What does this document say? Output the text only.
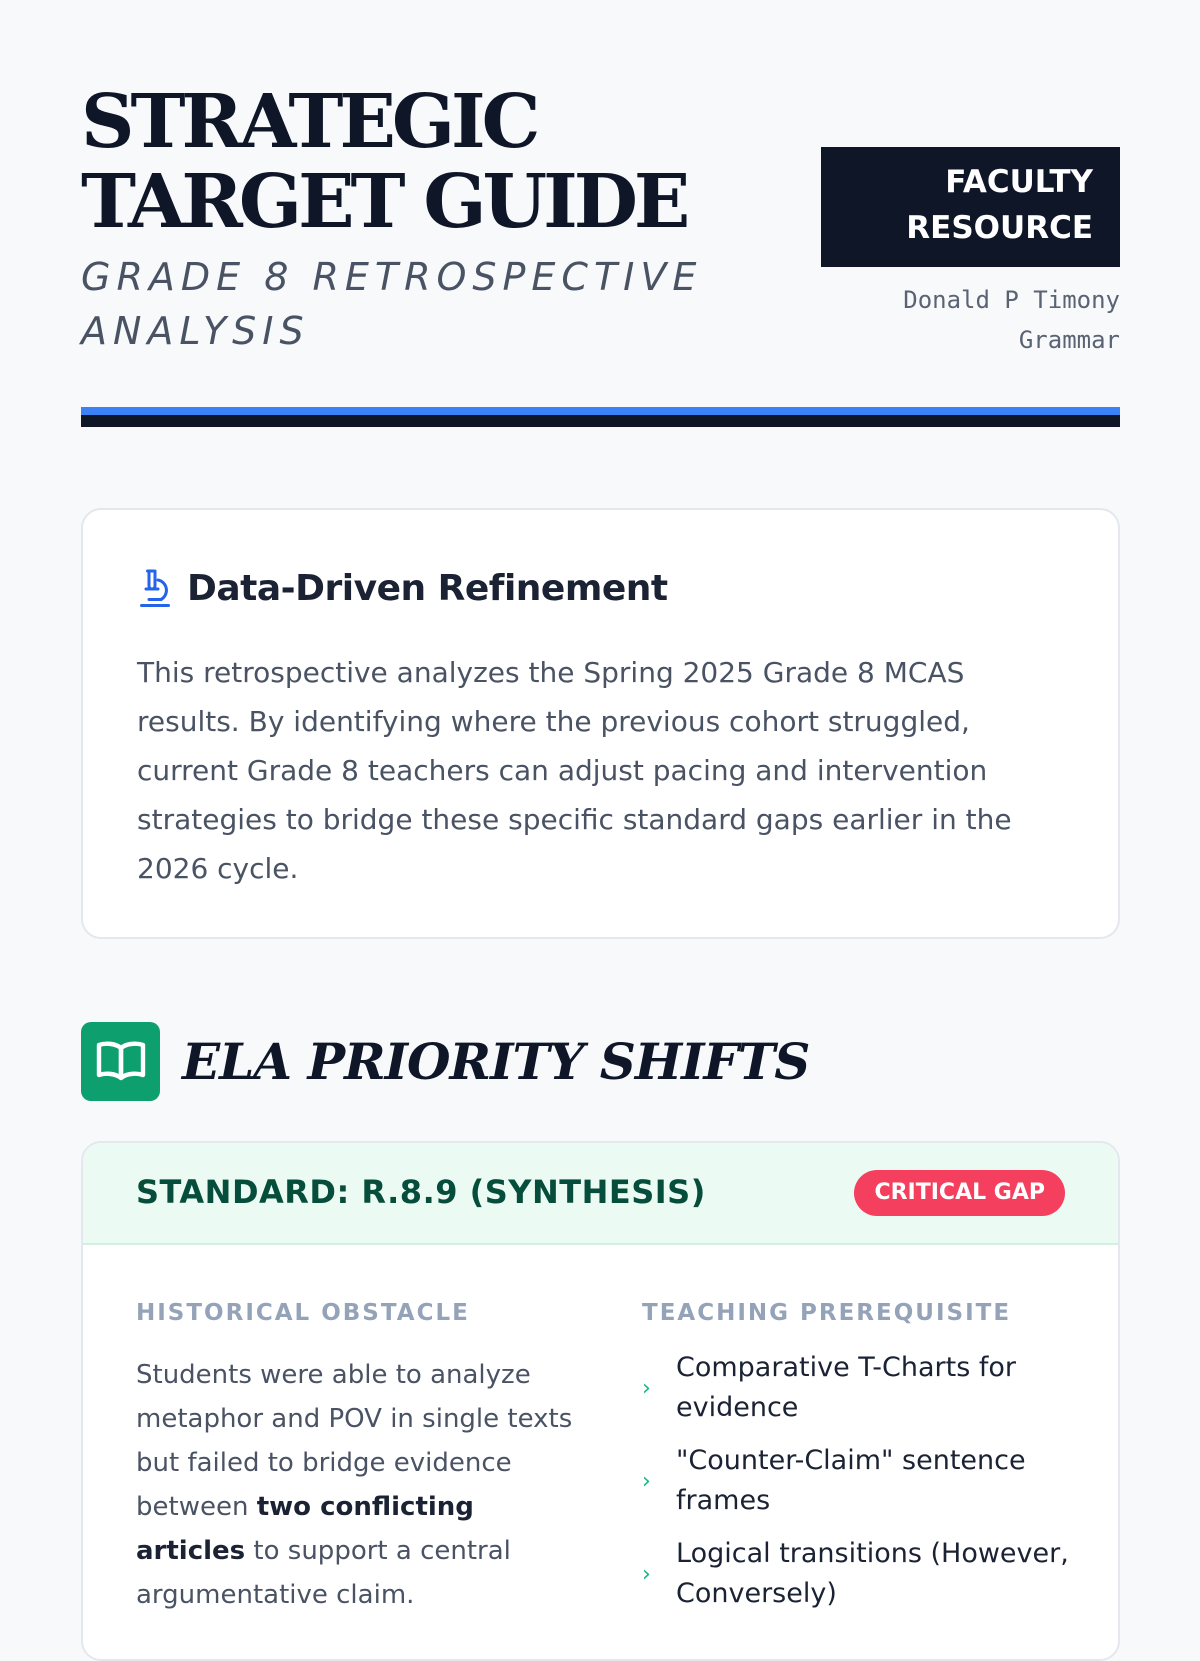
STRATEGIC TARGET GUIDE
GRADE 8 RETROSPECTIVE ANALYSIS
FACULTY
RESOURCE
Donald P Timony
Grammar
Data-Driven Refinement

This retrospective analyzes the Spring 2025 Grade 8 MCAS results. By identifying where the previous cohort struggled, current Grade 8 teachers can adjust pacing and intervention strategies to bridge these specific standard gaps earlier in the 2026 cycle.

ELA PRIORITY SHIFTS
STANDARD: R.8.9 (SYNTHESIS)	CRITICAL GAP
HISTORICAL OBSTACLE

Students were able to analyze metaphor and POV in single texts but failed to bridge evidence between two conflicting articles to support a central argumentative claim.

TEACHING PREREQUISITE
›
Comparative T-Charts for evidence
›
"Counter-Claim" sentence frames
›
Logical transitions (However, Conversely)
